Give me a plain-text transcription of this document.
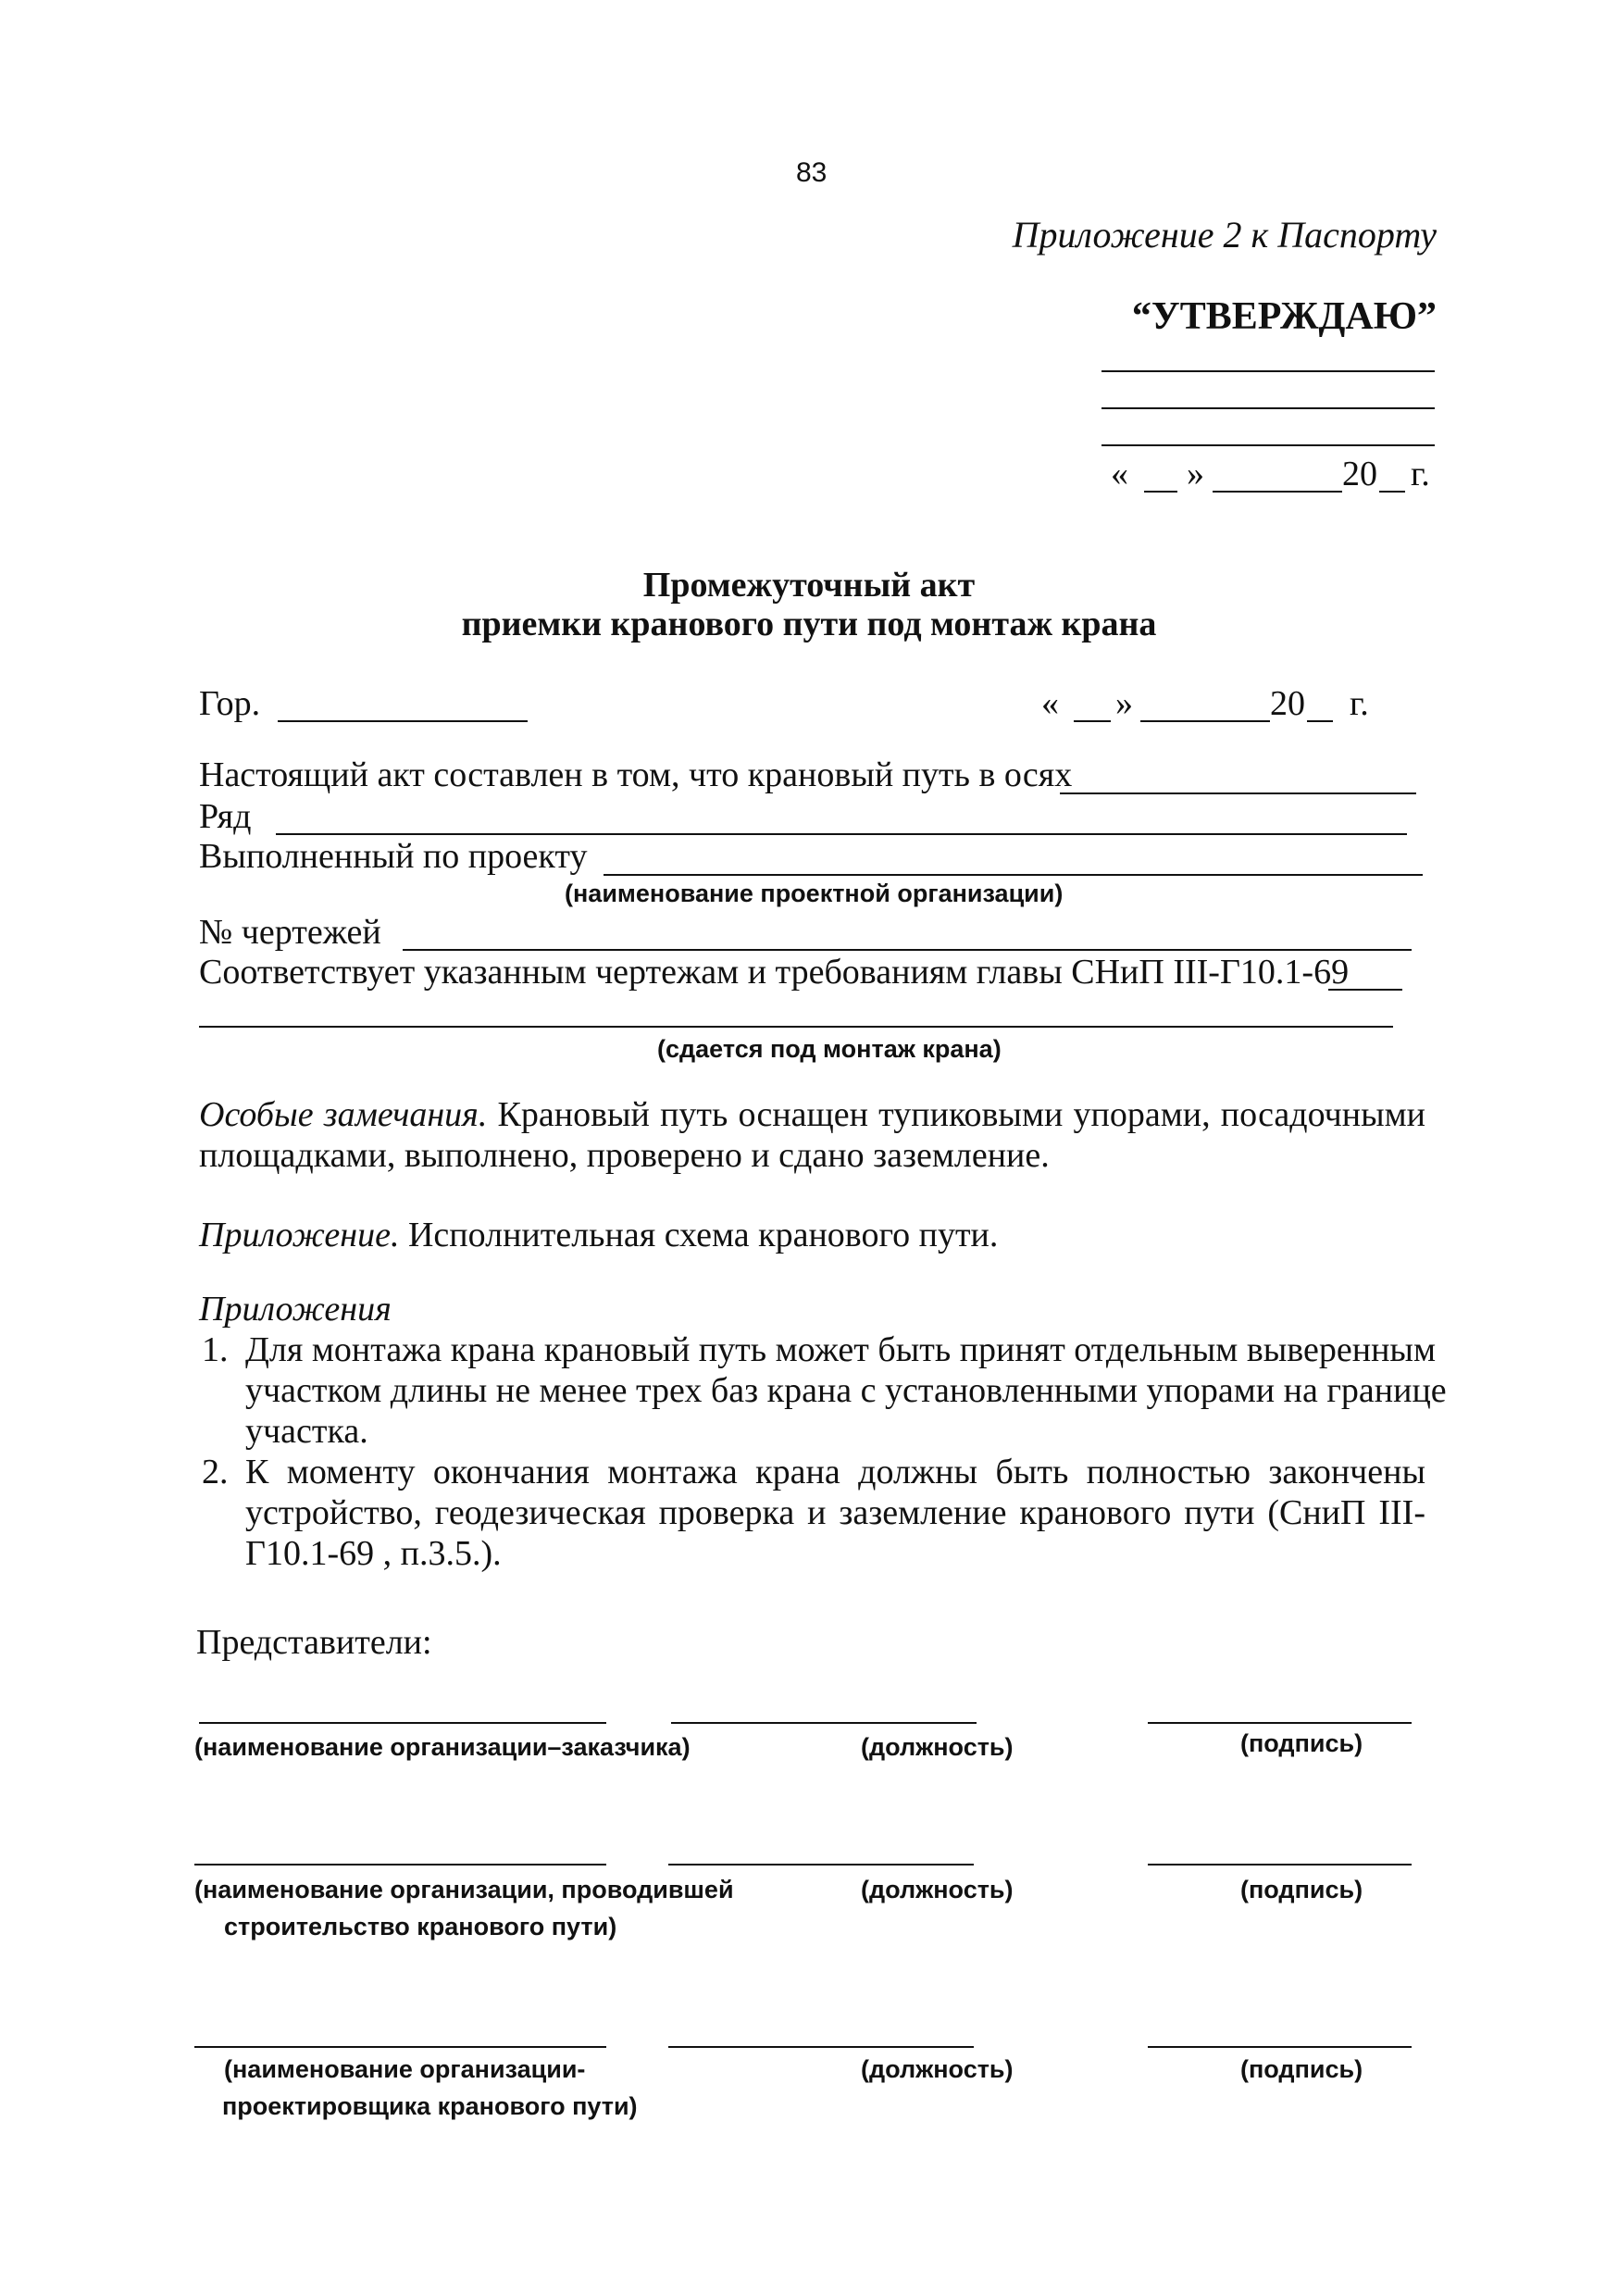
83
Приложение 2 к Паспорту
“УТВЕРЖДАЮ”
« »	20 г.
Промежуточный акт
приемки кранового пути под монтаж крана
Гор.	« »	20 г.
Настоящий акт составлен в том, что крановый путь в осях
Ряд
Выполненный по проекту
(наименование проектной организации)
№ чертежей
Соответствует указанным чертежам и требованиям главы СНиП III-Г10.1-69
(сдается под монтаж крана)
Особые замечания. Крановый путь оснащен тупиковыми упорами, посадочными
площадками, выполнено, проверено и сдано заземление.
Приложение. Исполнительная схема кранового пути.
Приложения
1. Для монтажа крана крановый путь может быть принят отдельным выверенным
участком длины не менее трех баз крана с установленными упорами на границе
участка.
2. К моменту окончания монтажа крана должны быть полностью закончены
устройство, геодезическая проверка и заземление кранового пути (СниП III-
Г10.1-69 , п.3.5.).
Представители:
(наименование организации–заказчика)	(должность)	(подпись)
(наименование организации, проводившей
строительство кранового пути)
(должность)	(подпись)
(наименование организации-
проектировщика кранового пути)
(должность)	(подпись)
